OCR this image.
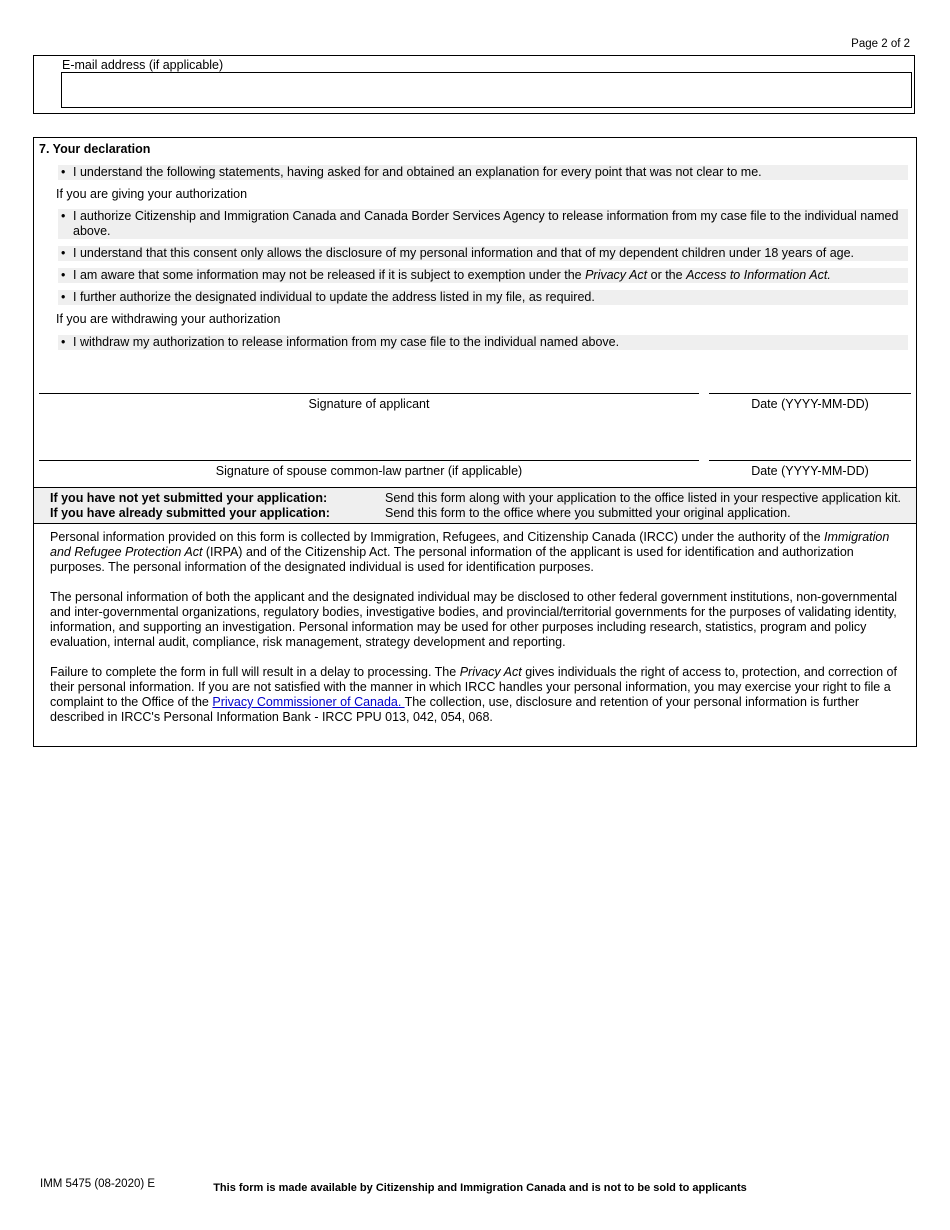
Page 2 of 2
E-mail address (if applicable)
7. Your declaration
• I understand the following statements, having asked for and obtained an explanation for every point that was not clear to me.
If you are giving your authorization
• I authorize Citizenship and Immigration Canada and Canada Border Services Agency to release information from my case file to the individual named above.
• I understand that this consent only allows the disclosure of my personal information and that of my dependent children under 18 years of age.
• I am aware that some information may not be released if it is subject to exemption under the Privacy Act or the Access to Information Act.
• I further authorize the designated individual to update the address listed in my file, as required.
If you are withdrawing your authorization
• I withdraw my authorization to release information from my case file to the individual named above.
Signature of applicant	Date (YYYY-MM-DD)
Signature of spouse common-law partner (if applicable)	Date (YYYY-MM-DD)
If you have not yet submitted your application:	Send this form along with your application to the office listed in your respective application kit.
If you have already submitted your application:	Send this form to the office where you submitted your original application.

Personal information provided on this form is collected by Immigration, Refugees, and Citizenship Canada (IRCC) under the authority of the Immigration and Refugee Protection Act (IRPA) and of the Citizenship Act. The personal information of the applicant is used for identification and authorization purposes. The personal information of the designated individual is used for identification purposes.

The personal information of both the applicant and the designated individual may be disclosed to other federal government institutions, non-governmental and inter-governmental organizations, regulatory bodies, investigative bodies, and provincial/territorial governments for the purposes of validating identity, information, and supporting an investigation. Personal information may be used for other purposes including research, statistics, program and policy evaluation, internal audit, compliance, risk management, strategy development and reporting.

Failure to complete the form in full will result in a delay to processing. The Privacy Act gives individuals the right of access to, protection, and correction of their personal information. If you are not satisfied with the manner in which IRCC handles your personal information, you may exercise your right to file a complaint to the Office of the Privacy Commissioner of Canada. The collection, use, disclosure and retention of your personal information is further described in IRCC's Personal Information Bank - IRCC PPU 013, 042, 054, 068.

IMM 5475 (08-2020) E	This form is made available by Citizenship and Immigration Canada and is not to be sold to applicants
